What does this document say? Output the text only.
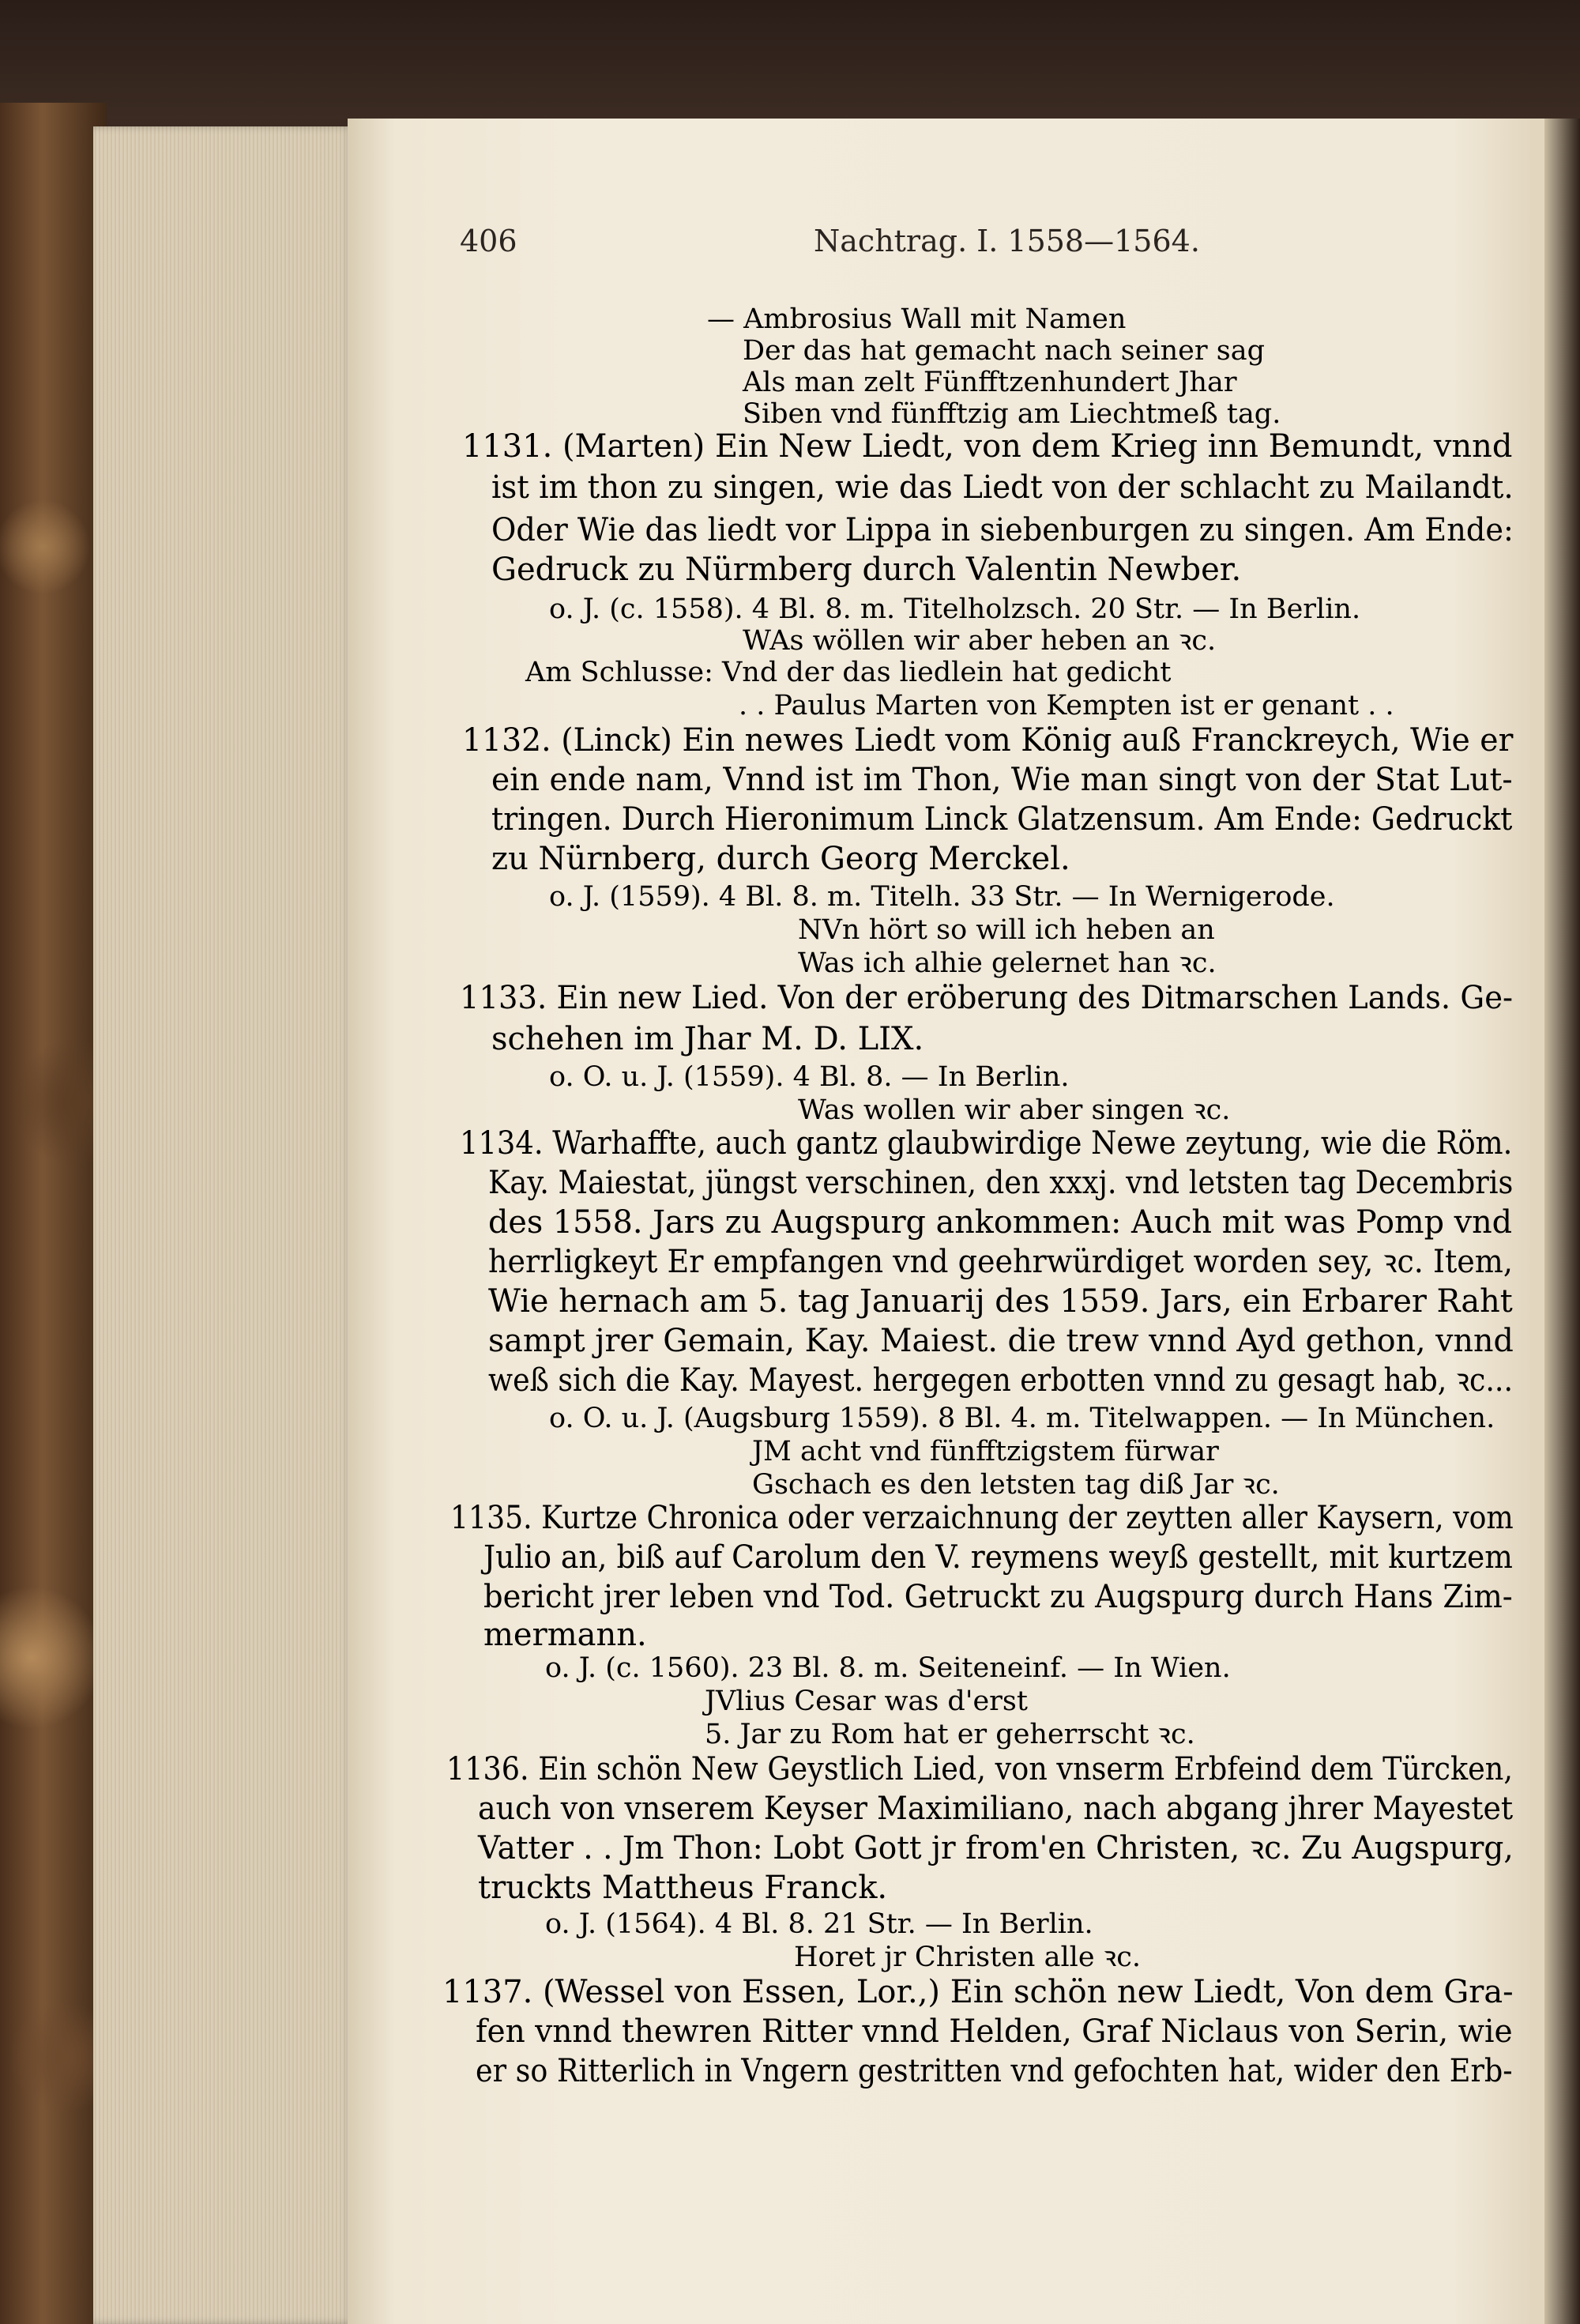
406	Nachtrag. I. 1558—1564.
— Ambrosius Wall mit Namen
Der das hat gemacht nach seiner sag
Als man zelt Fünfftzenhundert Jhar
Siben vnd fünfftzig am Liechtmeß tag.
1131. (Marten) Ein New Liedt, von dem Krieg inn Bemundt, vnnd
ist im thon zu singen, wie das Liedt von der schlacht zu Mailandt.
Oder Wie das liedt vor Lippa in siebenburgen zu singen. Am Ende:
Gedruck zu Nürmberg durch Valentin Newber.
o. J. (c. 1558). 4 Bl. 8. m. Titelholzsch. 20 Str. — In Berlin.
WAs wöllen wir aber heben an ꝛc.
Am Schlusse: Vnd der das liedlein hat gedicht
. . Paulus Marten von Kempten ist er genant . .
1132. (Linck) Ein newes Liedt vom König auß Franckreych, Wie er
ein ende nam, Vnnd ist im Thon, Wie man singt von der Stat Lut-
tringen. Durch Hieronimum Linck Glatzensum. Am Ende: Gedruckt
zu Nürnberg, durch Georg Merckel.
o. J. (1559). 4 Bl. 8. m. Titelh. 33 Str. — In Wernigerode.
NVn hört so will ich heben an
Was ich alhie gelernet han ꝛc.
1133. Ein new Lied. Von der eröberung des Ditmarschen Lands. Ge-
schehen im Jhar M. D. LIX.
o. O. u. J. (1559). 4 Bl. 8. — In Berlin.
Was wollen wir aber singen ꝛc.
1134. Warhaffte, auch gantz glaubwirdige Newe zeytung, wie die Röm.
Kay. Maiestat, jüngst verschinen, den xxxj. vnd letsten tag Decembris
des 1558. Jars zu Augspurg ankommen: Auch mit was Pomp vnd
herrligkeyt Er empfangen vnd geehrwürdiget worden sey, ꝛc. Item,
Wie hernach am 5. tag Januarij des 1559. Jars, ein Erbarer Raht
sampt jrer Gemain, Kay. Maiest. die trew vnnd Ayd gethon, vnnd
weß sich die Kay. Mayest. hergegen erbotten vnnd zu gesagt hab, ꝛc...
o. O. u. J. (Augsburg 1559). 8 Bl. 4. m. Titelwappen. — In München.
JM acht vnd fünfftzigstem fürwar
Gschach es den letsten tag diß Jar ꝛc.
1135. Kurtze Chronica oder verzaichnung der zeytten aller Kaysern, vom
Julio an, biß auf Carolum den V. reymens weyß gestellt, mit kurtzem
bericht jrer leben vnd Tod. Getruckt zu Augspurg durch Hans Zim-
mermann.
o. J. (c. 1560). 23 Bl. 8. m. Seiteneinf. — In Wien.
JVlius Cesar was d'erst
5. Jar zu Rom hat er geherrscht ꝛc.
1136. Ein schön New Geystlich Lied, von vnserm Erbfeind dem Türcken,
auch von vnserem Keyser Maximiliano, nach abgang jhrer Mayestet
Vatter . . Jm Thon: Lobt Gott jr from'en Christen, ꝛc. Zu Augspurg,
truckts Mattheus Franck.
o. J. (1564). 4 Bl. 8. 21 Str. — In Berlin.
Horet jr Christen alle ꝛc.
1137. (Wessel von Essen, Lor.,) Ein schön new Liedt, Von dem Gra-
fen vnnd thewren Ritter vnnd Helden, Graf Niclaus von Serin, wie
er so Ritterlich in Vngern gestritten vnd gefochten hat, wider den Erb-
